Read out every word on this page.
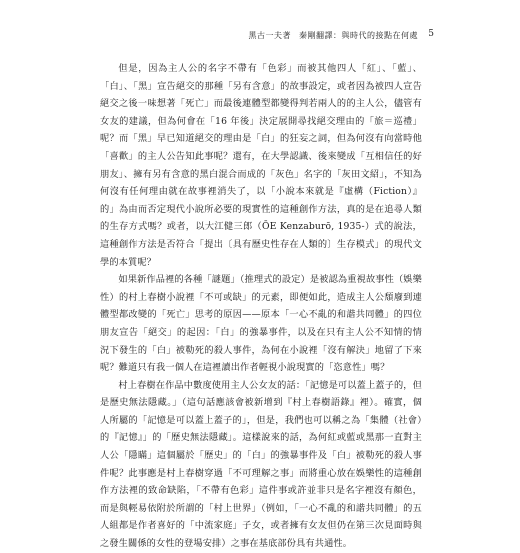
黑古一夫著 秦剛翻譯：與時代的接點在何處 5

但是，因為主人公的名字不帶有「色彩」而被其他四人「紅」、「藍」、「白」、「黑」宣告絕交的那種「另有含意」的故事設定，或者因為被四人宣告絕交之後一味想著「死亡」而最後連體型都變得判若兩人的的主人公，儘管有女友的建議，但為何會在「16 年後」決定展開尋找絕交理由的「旅＝巡禮」呢？而「黑」早已知道絕交的理由是「白」的狂妄之詞，但為何沒有向當時他「喜歡」的主人公告知此事呢？還有，在大學認識、後來變成「互相信任的好朋友」、擁有另有含意的黑白混合而成的「灰色」名字的「灰田文紹」，不知為何沒有任何理由就在故事裡消失了，以「小說本來就是『虛構（Fiction）』的」為由而否定現代小說所必要的現實性的這種創作方法，真的是在追尋人類的生存方式嗎？或者，以大江健三郎（ŌE Kenzaburō, 1935-）式的說法，這種創作方法是否符合「提出〔具有歷史性存在人類的〕生存模式」的現代文學的本質呢？

如果新作品裡的各種「謎題」（推理式的設定）是被認為重視故事性（娛樂性）的村上春樹小說裡「不可或缺」的元素，即便如此，造成主人公頹廢到連體型都改變的「死亡」思考的原因——原本「一心不亂的和諧共同體」的四位朋友宣告「絕交」的起因：「白」的強暴事件，以及在只有主人公不知情的情況下發生的「白」被勒死的殺人事件，為何在小說裡「沒有解決」地留了下來呢？難道只有我一個人在這裡讀出作者輕視小說現實的「恣意性」嗎？

村上春樹在作品中數度使用主人公女友的話：「記憶是可以蓋上蓋子的，但是歷史無法隱藏。」（這句話應該會被新增到『村上春樹語錄』裡）。確實，個人所屬的「記憶是可以蓋上蓋子的」，但是，我們也可以稱之為「集體（社會）的『記憶』」的「歷史無法隱藏」。這樣說來的話，為何紅或藍或黑那一直對主人公「隱瞞」這個屬於「歷史」的「白」的強暴事件及「白」被勒死的殺人事件呢？此事應是村上春樹穿過「不可理解之事」而將重心放在娛樂性的這種創作方法裡的致命缺陷，「不帶有色彩」這件事或許並非只是名字裡沒有顏色，而是與輕易依附於所謂的「村上世界」（例如，「一心不亂的和諧共同體」的五人組都是作者喜好的「中流家庭」子女，或者擁有女友但仍在第三次見面時與之發生關係的女性的登場安排）之事在基底部份具有共通性。
